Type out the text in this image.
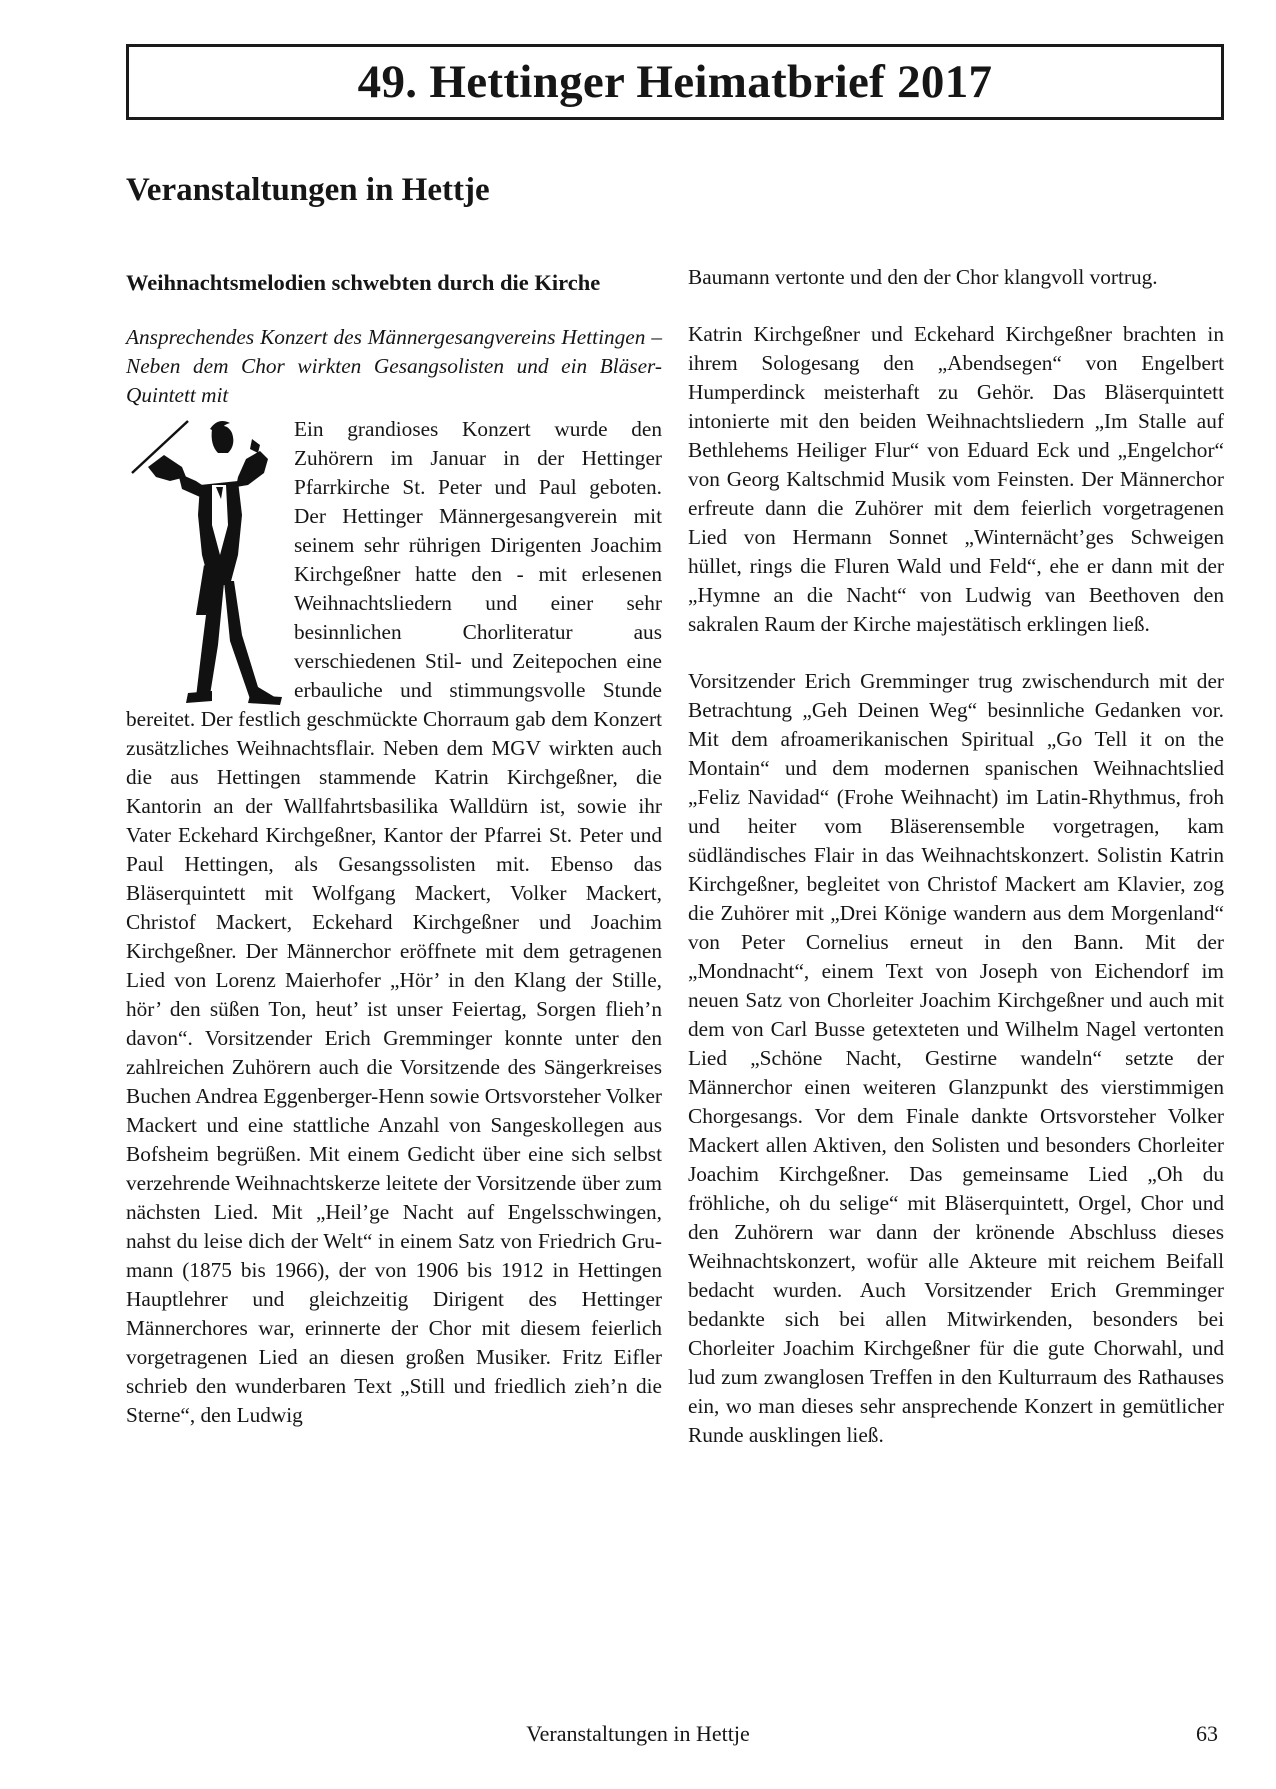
49. Hettinger Heimatbrief 2017
Veranstaltungen in Hettje
Weihnachtsmelodien schwebten durch die Kirche

Ansprechendes Konzert des Männergesangvereins Hettingen – Neben dem Chor wirkten Gesangsolisten und ein Bläser-Quintett mit

Ein grandioses Konzert wurde den Zuhörern im Januar in der Hettinger Pfarrkirche St. Peter und Paul geboten. Der Hettinger Männergesangverein mit seinem sehr rührigen Dirigenten Joachim Kirchgeßner hatte den - mit erlesenen Weihnachtsliedern und einer sehr besinnlichen Chorliteratur aus verschiedenen Stil- und Zeitepochen eine erbauliche und stimmungsvolle Stunde bereitet. Der festlich geschmückte Chorraum gab dem Konzert zusätzliches Weihnachtsflair. Neben dem MGV wirkten auch die aus Hettingen stammende Katrin Kirchgeßner, die Kantorin an der Wallfahrtsbasilika Walldürn ist, sowie ihr Vater Eckehard Kirchgeßner, Kantor der Pfarrei St. Peter und Paul Hettingen, als Gesangssolisten mit. Ebenso das Bläserquintett mit Wolfgang Mackert, Volker Mackert, Christof Mackert, Eckehard Kirchgeßner und Joachim Kirchgeßner. Der Männerchor eröffnete mit dem getragenen Lied von Lorenz Maierhofer „Hör’ in den Klang der Stille, hör’ den süßen Ton, heut’ ist unser Feiertag, Sorgen flieh’n davon“. Vorsitzender Erich Gremminger konnte unter den zahlreichen Zuhörern auch die Vorsitzende des Sängerkreises Buchen Andrea Eggenberger-Henn sowie Ortsvorsteher Volker Mackert und eine stattliche Anzahl von Sangeskollegen aus Bofsheim begrüßen. Mit einem Gedicht über eine sich selbst verzehrende Weihnachtskerze leitete der Vorsitzende über zum nächsten Lied. Mit „Heil’ge Nacht auf Engelsschwingen, nahst du leise dich der Welt“ in einem Satz von Friedrich Gru-mann (1875 bis 1966), der von 1906 bis 1912 in Hettingen Hauptlehrer und gleichzeitig Dirigent des Hettinger Männerchores war, erinnerte der Chor mit diesem feierlich vorgetragenen Lied an diesen großen Musiker. Fritz Eifler schrieb den wunderbaren Text „Still und friedlich zieh’n die Sterne“, den Ludwig

Baumann vertonte und den der Chor klangvoll vortrug.

Katrin Kirchgeßner und Eckehard Kirchgeßner brachten in ihrem Sologesang den „Abendsegen“ von Engelbert Humperdinck meisterhaft zu Gehör. Das Bläserquintett intonierte mit den beiden Weihnachtsliedern „Im Stalle auf Bethlehems Heiliger Flur“ von Eduard Eck und „Engelchor“ von Georg Kaltschmid Musik vom Feinsten. Der Männerchor erfreute dann die Zuhörer mit dem feierlich vorgetragenen Lied von Hermann Sonnet „Winternächt’ges Schweigen hüllet, rings die Fluren Wald und Feld“, ehe er dann mit der „Hymne an die Nacht“ von Ludwig van Beethoven den sakralen Raum der Kirche majestätisch erklingen ließ.

Vorsitzender Erich Gremminger trug zwischendurch mit der Betrachtung „Geh Deinen Weg“ besinnliche Gedanken vor. Mit dem afroamerikanischen Spiritual „Go Tell it on the Montain“ und dem modernen spanischen Weihnachtslied „Feliz Navidad“ (Frohe Weihnacht) im Latin-Rhythmus, froh und heiter vom Bläserensemble vorgetragen, kam südländisches Flair in das Weihnachtskonzert. Solistin Katrin Kirchgeßner, begleitet von Christof Mackert am Klavier, zog die Zuhörer mit „Drei Könige wandern aus dem Morgenland“ von Peter Cornelius erneut in den Bann. Mit der „Mondnacht“, einem Text von Joseph von Eichendorf im neuen Satz von Chorleiter Joachim Kirchgeßner und auch mit dem von Carl Busse getexteten und Wilhelm Nagel vertonten Lied „Schöne Nacht, Gestirne wandeln“ setzte der Männerchor einen weiteren Glanzpunkt des vierstimmigen Chorgesangs. Vor dem Finale dankte Ortsvorsteher Volker Mackert allen Aktiven, den Solisten und besonders Chorleiter Joachim Kirchgeßner. Das gemeinsame Lied „Oh du fröhliche, oh du selige“ mit Bläserquintett, Orgel, Chor und den Zuhörern war dann der krönende Abschluss dieses Weihnachtskonzert, wofür alle Akteure mit reichem Beifall bedacht wurden. Auch Vorsitzender Erich Gremminger bedankte sich bei allen Mitwirkenden, besonders bei Chorleiter Joachim Kirchgeßner für die gute Chorwahl, und lud zum zwanglosen Treffen in den Kulturraum des Rathauses ein, wo man dieses sehr ansprechende Konzert in gemütlicher Runde ausklingen ließ.

Veranstaltungen in Hettje	63
